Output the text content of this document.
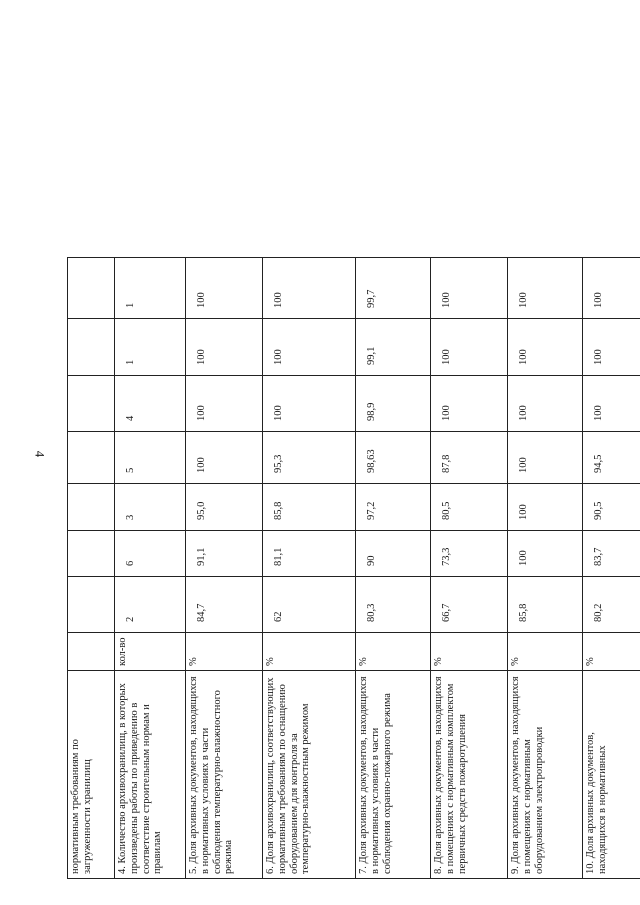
4
нормативным требованиям по загруженности хранилищ								
4. Количество архивохранилищ, в которых произведены работы по приведению в соответствие строительным нормам и правилам	кол-во	2	6	3	5	4	1	1
5. Доля архивных документов, находящихся в нормативных условиях в части соблюдения температурно-влажностного режима	%	84,7	91,1	95,0	100	100	100	100
6. Доля архивохранилищ, соответствующих нормативным требованиям по оснащению оборудованием для контроля за температурно-влажностным режимом	%	62	81,1	85,8	95,3	100	100	100
7. Доля архивных документов, находящихся в нормативных условиях в части соблюдения охранно-пожарного режима	%	80,3	90	97,2	98,63	98,9	99,1	99,7
8. Доля архивных документов, находящихся в помещениях с нормативным комплектом первичных средств пожаротушения	%	66,7	73,3	80,5	87,8	100	100	100
9. Доля архивных документов, находящихся в помещениях с нормативным оборудованием электропроводки	%	85,8	100	100	100	100	100	100
10. Доля архивных документов, находящихся в нормативных	%	80,2	83,7	90,5	94,5	100	100	100
